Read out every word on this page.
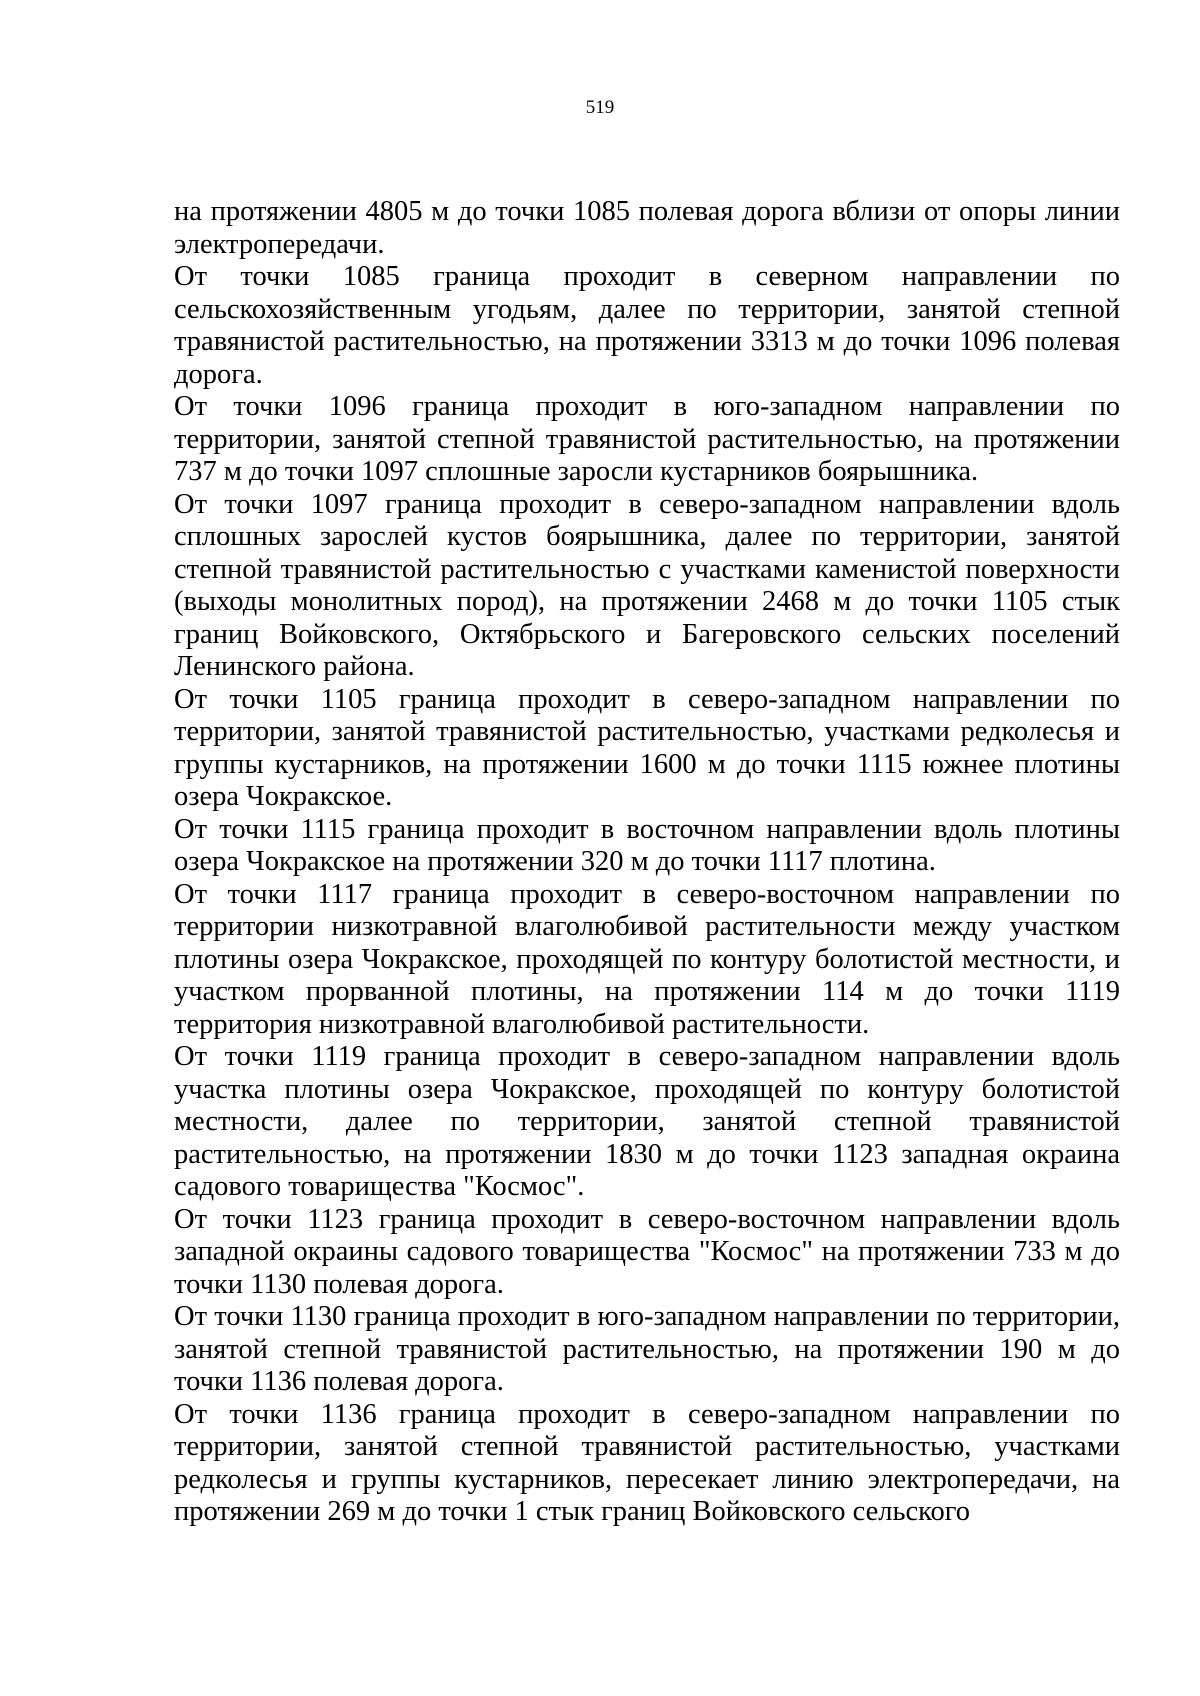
519

на протяжении 4805 м до точки 1085 полевая дорога вблизи от опоры линии электропередачи.

От точки 1085 граница проходит в северном направлении по сельскохозяйственным угодьям, далее по территории, занятой степной травянистой растительностью, на протяжении 3313 м до точки 1096 полевая дорога.

От точки 1096 граница проходит в юго-западном направлении по территории, занятой степной травянистой растительностью, на протяжении 737 м до точки 1097 сплошные заросли кустарников боярышника.

От точки 1097 граница проходит в северо-западном направлении вдоль сплошных зарослей кустов боярышника, далее по территории, занятой степной травянистой растительностью с участками каменистой поверхности (выходы монолитных пород), на протяжении 2468 м до точки 1105 стык границ Войковского, Октябрьского и Багеровского сельских поселений Ленинского района.

От точки 1105 граница проходит в северо-западном направлении по территории, занятой травянистой растительностью, участками редколесья и группы кустарников, на протяжении 1600 м до точки 1115 южнее плотины озера Чокракское.

От точки 1115 граница проходит в восточном направлении вдоль плотины озера Чокракское на протяжении 320 м до точки 1117 плотина.

От точки 1117 граница проходит в северо-восточном направлении по территории низкотравной влаголюбивой растительности между участком плотины озера Чокракское, проходящей по контуру болотистой местности, и участком прорванной плотины, на протяжении 114 м до точки 1119 территория низкотравной влаголюбивой растительности.

От точки 1119 граница проходит в северо-западном направлении вдоль участка плотины озера Чокракское, проходящей по контуру болотистой местности, далее по территории, занятой степной травянистой растительностью, на протяжении 1830 м до точки 1123 западная окраина садового товарищества "Космос".

От точки 1123 граница проходит в северо-восточном направлении вдоль западной окраины садового товарищества "Космос" на протяжении 733 м до точки 1130 полевая дорога.

От точки 1130 граница проходит в юго-западном направлении по территории, занятой степной травянистой растительностью, на протяжении 190 м до точки 1136 полевая дорога.

От точки 1136 граница проходит в северо-западном направлении по территории, занятой степной травянистой растительностью, участками редколесья и группы кустарников, пересекает линию электропередачи, на протяжении 269 м до точки 1 стык границ Войковского сельского
